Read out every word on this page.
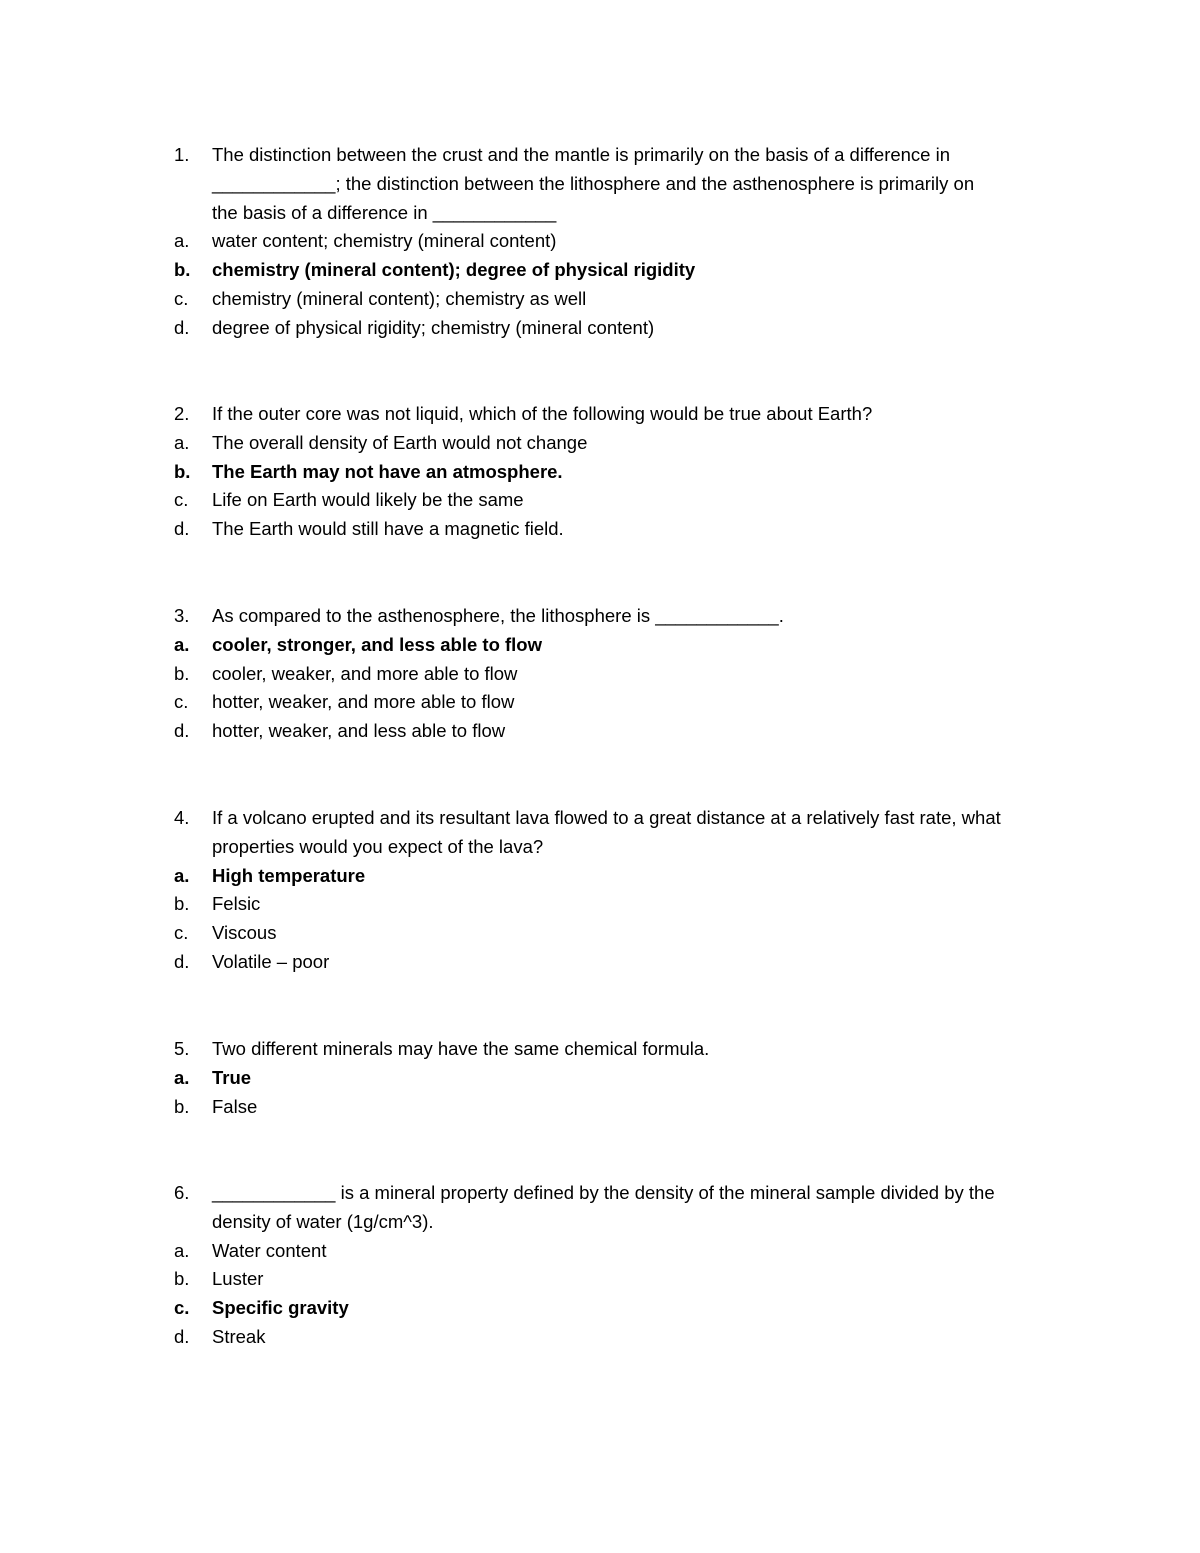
1. The distinction between the crust and the mantle is primarily on the basis of a difference in
____________; the distinction between the lithosphere and the asthenosphere is primarily on
the basis of a difference in ____________
a. water content; chemistry (mineral content)
b. chemistry (mineral content); degree of physical rigidity
c. chemistry (mineral content); chemistry as well
d. degree of physical rigidity; chemistry (mineral content)
2. If the outer core was not liquid, which of the following would be true about Earth?
a. The overall density of Earth would not change
b. The Earth may not have an atmosphere.
c. Life on Earth would likely be the same
d. The Earth would still have a magnetic field.
3. As compared to the asthenosphere, the lithosphere is ____________.
a. cooler, stronger, and less able to flow
b. cooler, weaker, and more able to flow
c. hotter, weaker, and more able to flow
d. hotter, weaker, and less able to flow
4. If a volcano erupted and its resultant lava flowed to a great distance at a relatively fast rate, what
properties would you expect of the lava?
a. High temperature
b. Felsic
c. Viscous
d. Volatile – poor
5. Two different minerals may have the same chemical formula.
a. True
b. False
6. ____________ is a mineral property defined by the density of the mineral sample divided by the
density of water (1g/cm^3).
a. Water content
b. Luster
c. Specific gravity
d. Streak
